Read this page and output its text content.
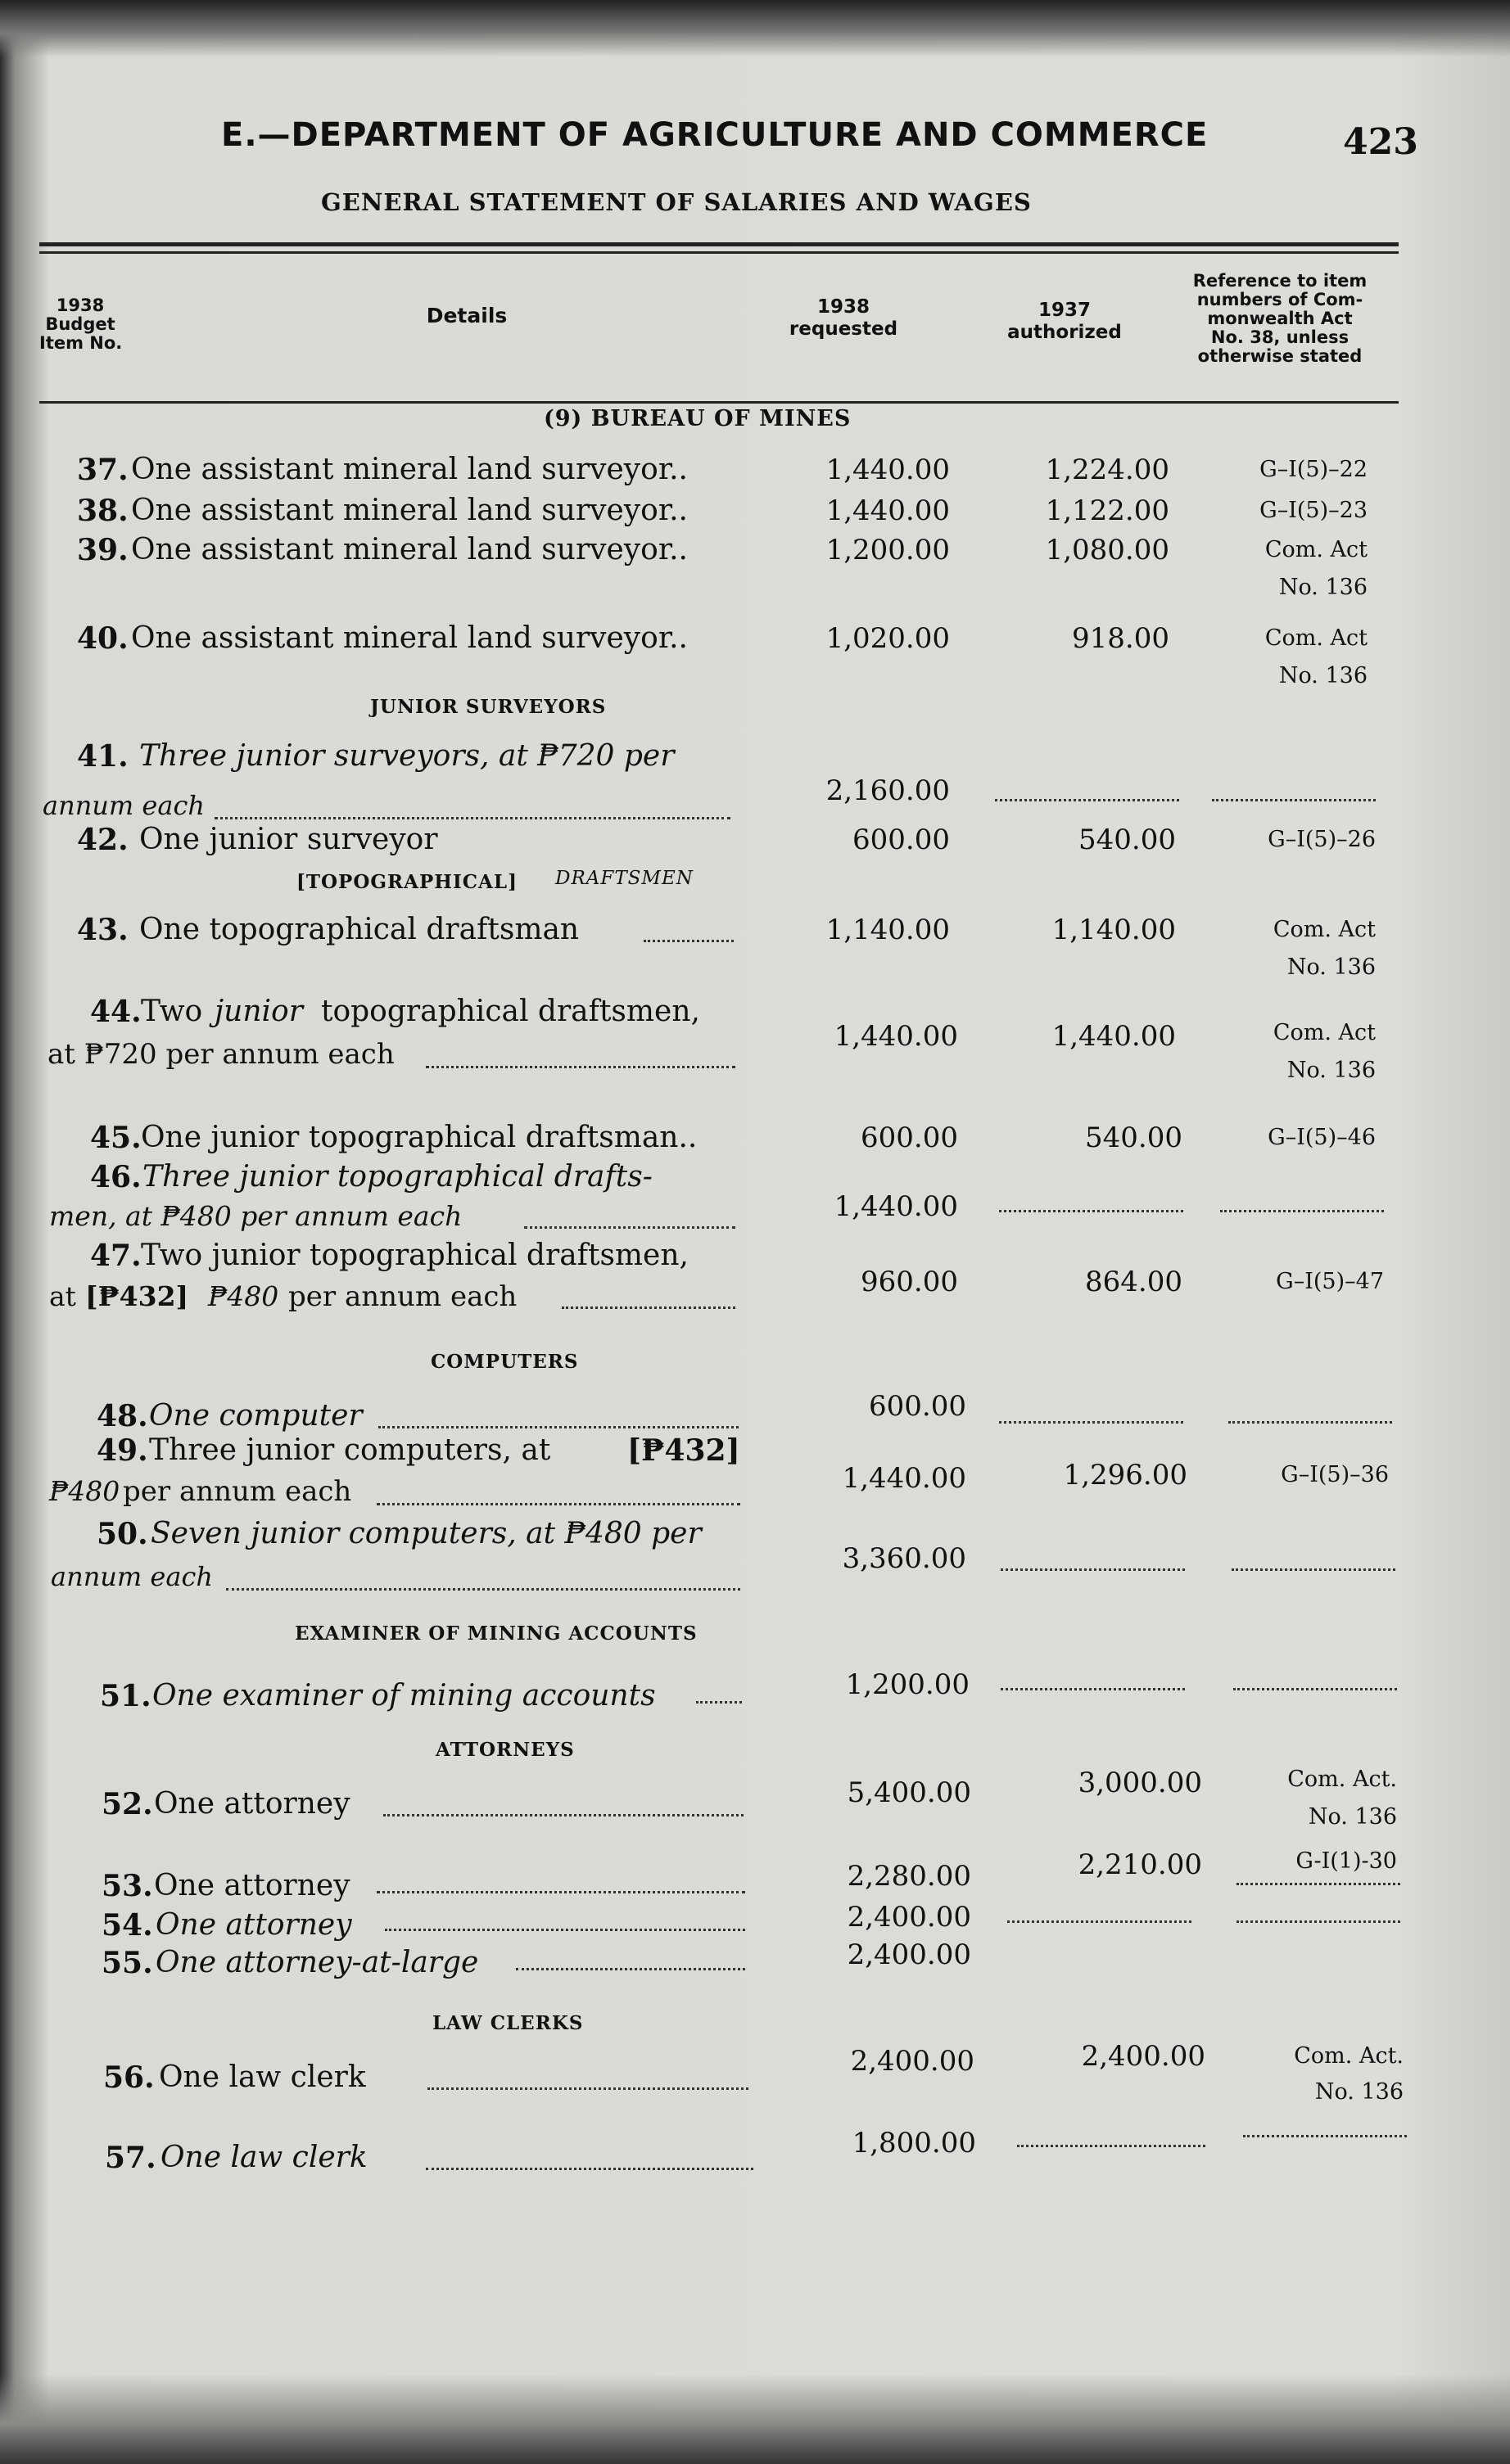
E.—DEPARTMENT OF AGRICULTURE AND COMMERCE	423
GENERAL STATEMENT OF SALARIES AND WAGES
1938
Budget
Item No.
Details	1938
requested
1937
authorized
Reference to item
numbers of Com-
monwealth Act
No. 38, unless
otherwise stated
(9) BUREAU OF MINES
37. One assistant mineral land surveyor..	1,440.00	1,224.00	G–I(5)–22
38. One assistant mineral land surveyor..	1,440.00	1,122.00	G–I(5)–23
39. One assistant mineral land surveyor..	1,200.00	1,080.00	Com. Act
No. 136
40. One assistant mineral land surveyor..	1,020.00	918.00	Com. Act
No. 136
JUNIOR SURVEYORS
41. Three junior surveyors, at ₱720 per
annum each	2,160.00
42. One junior surveyor	600.00	540.00	G–I(5)–26
[TOPOGRAPHICAL] DRAFTSMEN
43. One topographical draftsman	1,140.00	1,140.00	Com. Act
No. 136
44. Two junior topographical draftsmen,
at ₱720 per annum each
1,440.00	1,440.00	Com. Act
No. 136
45. One junior topographical draftsman..	600.00	540.00	G–I(5)–46
46. Three junior topographical drafts-
men, at ₱480 per annum each	1,440.00
47. Two junior topographical draftsmen,
at [₱432] ₱480 per annum each	960.00	864.00	G–I(5)–47
COMPUTERS
48. One computer	600.00
49. Three junior computers, at	[₱432]
₱480 per annum each	1,440.00	1,296.00	G–I(5)–36
50. Seven junior computers, at ₱480 per
annum each
3,360.00
EXAMINER OF MINING ACCOUNTS
51. One examiner of mining accounts	1,200.00
ATTORNEYS
52. One attorney	5,400.00	3,000.00	Com. Act.
No. 136
53. One attorney	2,280.00	2,210.00	G-I(1)-30
54. One attorney	2,400.00
55. One attorney-at-large	2,400.00
LAW CLERKS
56. One law clerk	2,400.00	2,400.00	Com. Act.
No. 136
57. One law clerk	1,800.00
